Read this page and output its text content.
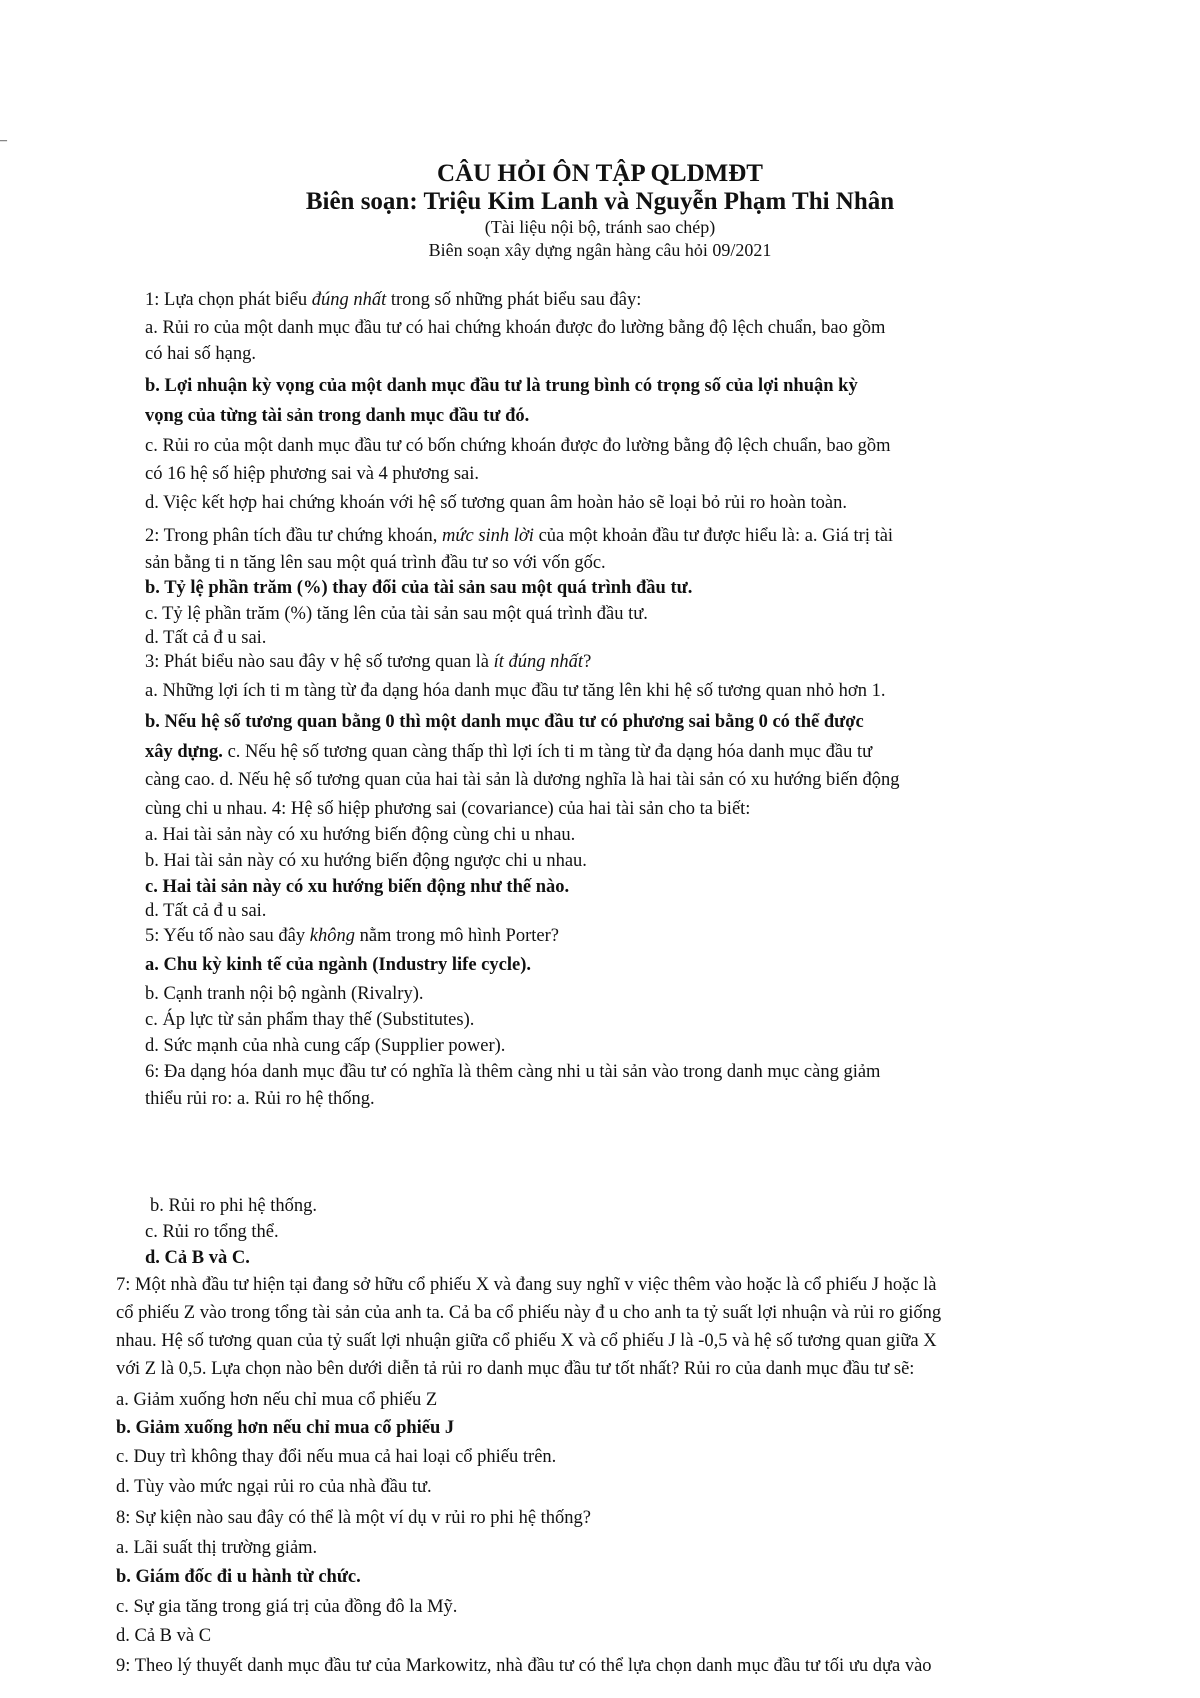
–
CÂU HỎI ÔN TẬP QLDMĐT
Biên soạn: Triệu Kim Lanh và Nguyễn Phạm Thi Nhân
(Tài liệu nội bộ, tránh sao chép)
Biên soạn xây dựng ngân hàng câu hỏi 09/2021
1: Lựa chọn phát biểu đúng nhất trong số những phát biểu sau đây:
a. Rủi ro của một danh mục đầu tư có hai chứng khoán được đo lường bằng độ lệch chuẩn, bao gồm
có hai số hạng.
b. Lợi nhuận kỳ vọng của một danh mục đầu tư là trung bình có trọng số của lợi nhuận kỳ
vọng của từng tài sản trong danh mục đầu tư đó.
c. Rủi ro của một danh mục đầu tư có bốn chứng khoán được đo lường bằng độ lệch chuẩn, bao gồm
có 16 hệ số hiệp phương sai và 4 phương sai.
d. Việc kết hợp hai chứng khoán với hệ số tương quan âm hoàn hảo sẽ loại bỏ rủi ro hoàn toàn.
2: Trong phân tích đầu tư chứng khoán, mức sinh lời của một khoản đầu tư được hiểu là: a. Giá trị tài
sản bằng ti n tăng lên sau một quá trình đầu tư so với vốn gốc.
b. Tỷ lệ phần trăm (%) thay đổi của tài sản sau một quá trình đầu tư.
c. Tỷ lệ phần trăm (%) tăng lên của tài sản sau một quá trình đầu tư.
d. Tất cả đ u sai.
3: Phát biểu nào sau đây v hệ số tương quan là ít đúng nhất?
a. Những lợi ích ti m tàng từ đa dạng hóa danh mục đầu tư tăng lên khi hệ số tương quan nhỏ hơn 1.
b. Nếu hệ số tương quan bằng 0 thì một danh mục đầu tư có phương sai bằng 0 có thể được
xây dựng. c. Nếu hệ số tương quan càng thấp thì lợi ích ti m tàng từ đa dạng hóa danh mục đầu tư
càng cao. d. Nếu hệ số tương quan của hai tài sản là dương nghĩa là hai tài sản có xu hướng biến động
cùng chi u nhau. 4: Hệ số hiệp phương sai (covariance) của hai tài sản cho ta biết:
a. Hai tài sản này có xu hướng biến động cùng chi u nhau.
b. Hai tài sản này có xu hướng biến động ngược chi u nhau.
c. Hai tài sản này có xu hướng biến động như thế nào.
d. Tất cả đ u sai.
5: Yếu tố nào sau đây không nằm trong mô hình Porter?
a. Chu kỳ kinh tế của ngành (Industry life cycle).
b. Cạnh tranh nội bộ ngành (Rivalry).
c. Áp lực từ sản phẩm thay thế (Substitutes).
d. Sức mạnh của nhà cung cấp (Supplier power).
6: Đa dạng hóa danh mục đầu tư có nghĩa là thêm càng nhi u tài sản vào trong danh mục càng giảm
thiểu rủi ro: a. Rủi ro hệ thống.
b. Rủi ro phi hệ thống.
c. Rủi ro tổng thể.
d. Cả B và C.
7: Một nhà đầu tư hiện tại đang sở hữu cổ phiếu X và đang suy nghĩ v việc thêm vào hoặc là cổ phiếu J hoặc là
cổ phiếu Z vào trong tổng tài sản của anh ta. Cả ba cổ phiếu này đ u cho anh ta tỷ suất lợi nhuận và rủi ro giống
nhau. Hệ số tương quan của tỷ suất lợi nhuận giữa cổ phiếu X và cổ phiếu J là -0,5 và hệ số tương quan giữa X
với Z là 0,5. Lựa chọn nào bên dưới diễn tả rủi ro danh mục đầu tư tốt nhất? Rủi ro của danh mục đầu tư sẽ:
a. Giảm xuống hơn nếu chỉ mua cổ phiếu Z
b. Giảm xuống hơn nếu chỉ mua cổ phiếu J
c. Duy trì không thay đổi nếu mua cả hai loại cổ phiếu trên.
d. Tùy vào mức ngại rủi ro của nhà đầu tư.
8: Sự kiện nào sau đây có thể là một ví dụ v rủi ro phi hệ thống?
a. Lãi suất thị trường giảm.
b. Giám đốc đi u hành từ chức.
c. Sự gia tăng trong giá trị của đồng đô la Mỹ.
d. Cả B và C
9: Theo lý thuyết danh mục đầu tư của Markowitz, nhà đầu tư có thể lựa chọn danh mục đầu tư tối ưu dựa vào
